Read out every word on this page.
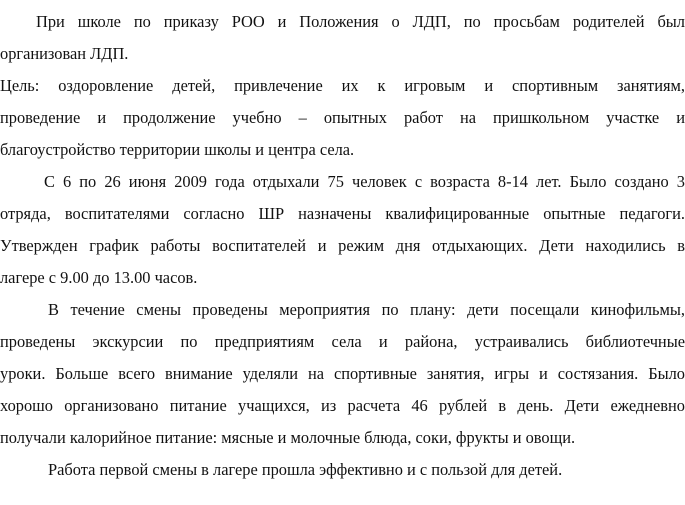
При школе по приказу РОО и Положения о ЛДП, по просьбам родителей был
организован ЛДП.
Цель: оздоровление детей, привлечение их к игровым и спортивным занятиям,
проведение и продолжение учебно – опытных работ на пришкольном участке и
благоустройство территории школы и центра села.
С 6 по 26 июня 2009 года отдыхали 75 человек с возраста 8-14 лет. Было создано 3
отряда, воспитателями согласно ШР назначены квалифицированные опытные педагоги.
Утвержден график работы воспитателей и режим дня отдыхающих. Дети находились в
лагере с 9.00 до 13.00 часов.
В течение смены проведены мероприятия по плану: дети посещали кинофильмы,
проведены экскурсии по предприятиям села и района, устраивались библиотечные
уроки. Больше всего внимание уделяли на спортивные занятия, игры и состязания. Было
хорошо организовано питание учащихся, из расчета 46 рублей в день. Дети ежедневно
получали калорийное питание: мясные и молочные блюда, соки, фрукты и овощи.
Работа первой смены в лагере прошла эффективно и с пользой для детей.
